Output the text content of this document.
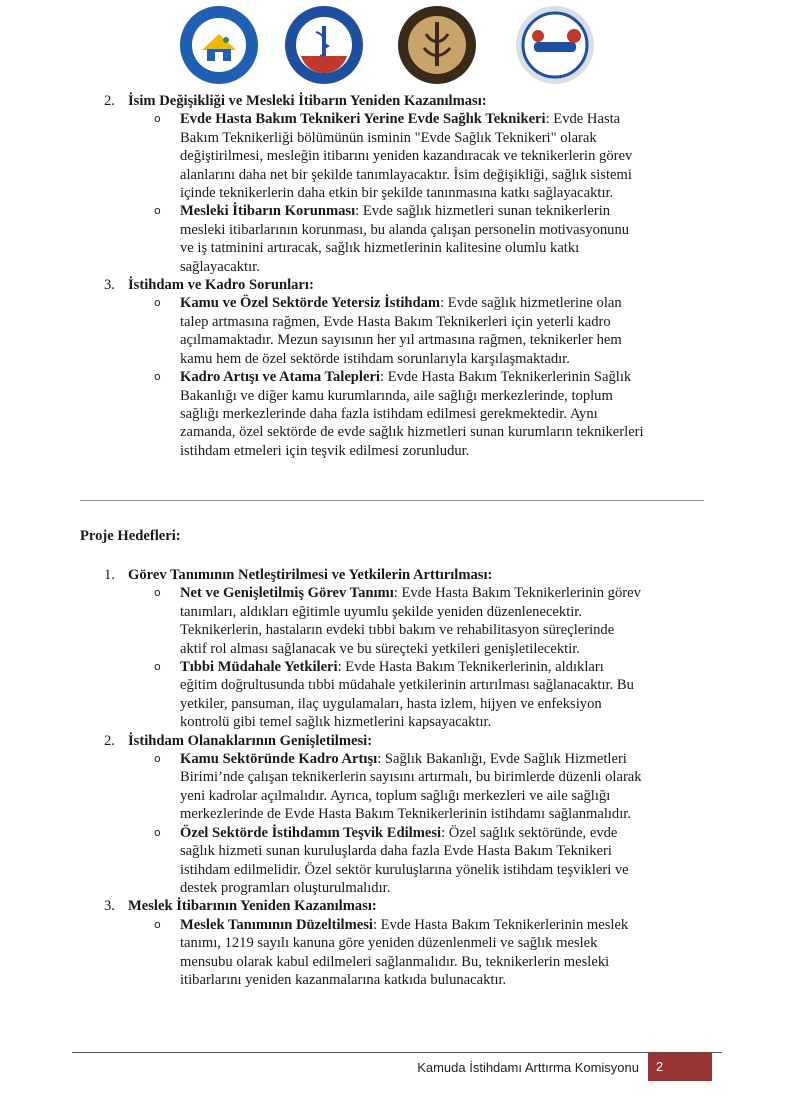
2. İsim Değişikliği ve Mesleki İtibarın Yeniden Kazanılması:
o Evde Hasta Bakım Teknikeri Yerine Evde Sağlık Teknikeri: Evde Hasta
Bakım Teknikerliği bölümünün isminin "Evde Sağlık Teknikeri" olarak
değiştirilmesi, mesleğin itibarını yeniden kazandıracak ve teknikerlerin görev
alanlarını daha net bir şekilde tanımlayacaktır. İsim değişikliği, sağlık sistemi
içinde teknikerlerin daha etkin bir şekilde tanınmasına katkı sağlayacaktır.
o Mesleki İtibarın Korunması: Evde sağlık hizmetleri sunan teknikerlerin
mesleki itibarlarının korunması, bu alanda çalışan personelin motivasyonunu
ve iş tatminini artıracak, sağlık hizmetlerinin kalitesine olumlu katkı
sağlayacaktır.
3. İstihdam ve Kadro Sorunları:
o Kamu ve Özel Sektörde Yetersiz İstihdam: Evde sağlık hizmetlerine olan
talep artmasına rağmen, Evde Hasta Bakım Teknikerleri için yeterli kadro
açılmamaktadır. Mezun sayısının her yıl artmasına rağmen, teknikerler hem
kamu hem de özel sektörde istihdam sorunlarıyla karşılaşmaktadır.
o Kadro Artışı ve Atama Talepleri: Evde Hasta Bakım Teknikerlerinin Sağlık
Bakanlığı ve diğer kamu kurumlarında, aile sağlığı merkezlerinde, toplum
sağlığı merkezlerinde daha fazla istihdam edilmesi gerekmektedir. Aynı
zamanda, özel sektörde de evde sağlık hizmetleri sunan kurumların teknikerleri
istihdam etmeleri için teşvik edilmesi zorunludur.
Proje Hedefleri:
1. Görev Tanımının Netleştirilmesi ve Yetkilerin Arttırılması:
o Net ve Genişletilmiş Görev Tanımı: Evde Hasta Bakım Teknikerlerinin görev
tanımları, aldıkları eğitimle uyumlu şekilde yeniden düzenlenecektir.
Teknikerlerin, hastaların evdeki tıbbi bakım ve rehabilitasyon süreçlerinde
aktif rol alması sağlanacak ve bu süreçteki yetkileri genişletilecektir.
o Tıbbi Müdahale Yetkileri: Evde Hasta Bakım Teknikerlerinin, aldıkları
eğitim doğrultusunda tıbbi müdahale yetkilerinin artırılması sağlanacaktır. Bu
yetkiler, pansuman, ilaç uygulamaları, hasta izlem, hijyen ve enfeksiyon
kontrolü gibi temel sağlık hizmetlerini kapsayacaktır.
2. İstihdam Olanaklarının Genişletilmesi:
o Kamu Sektöründe Kadro Artışı: Sağlık Bakanlığı, Evde Sağlık Hizmetleri
Birimi’nde çalışan teknikerlerin sayısını artırmalı, bu birimlerde düzenli olarak
yeni kadrolar açılmalıdır. Ayrıca, toplum sağlığı merkezleri ve aile sağlığı
merkezlerinde de Evde Hasta Bakım Teknikerlerinin istihdamı sağlanmalıdır.
o Özel Sektörde İstihdamın Teşvik Edilmesi: Özel sağlık sektöründe, evde
sağlık hizmeti sunan kuruluşlarda daha fazla Evde Hasta Bakım Teknikeri
istihdam edilmelidir. Özel sektör kuruluşlarına yönelik istihdam teşvikleri ve
destek programları oluşturulmalıdır.
3. Meslek İtibarının Yeniden Kazanılması:
o Meslek Tanımının Düzeltilmesi: Evde Hasta Bakım Teknikerlerinin meslek
tanımı, 1219 sayılı kanuna göre yeniden düzenlenmeli ve sağlık meslek
mensubu olarak kabul edilmeleri sağlanmalıdır. Bu, teknikerlerin mesleki
itibarlarını yeniden kazanmalarına katkıda bulunacaktır.
Kamuda İstihdamı Arttırma Komisyonu	2
